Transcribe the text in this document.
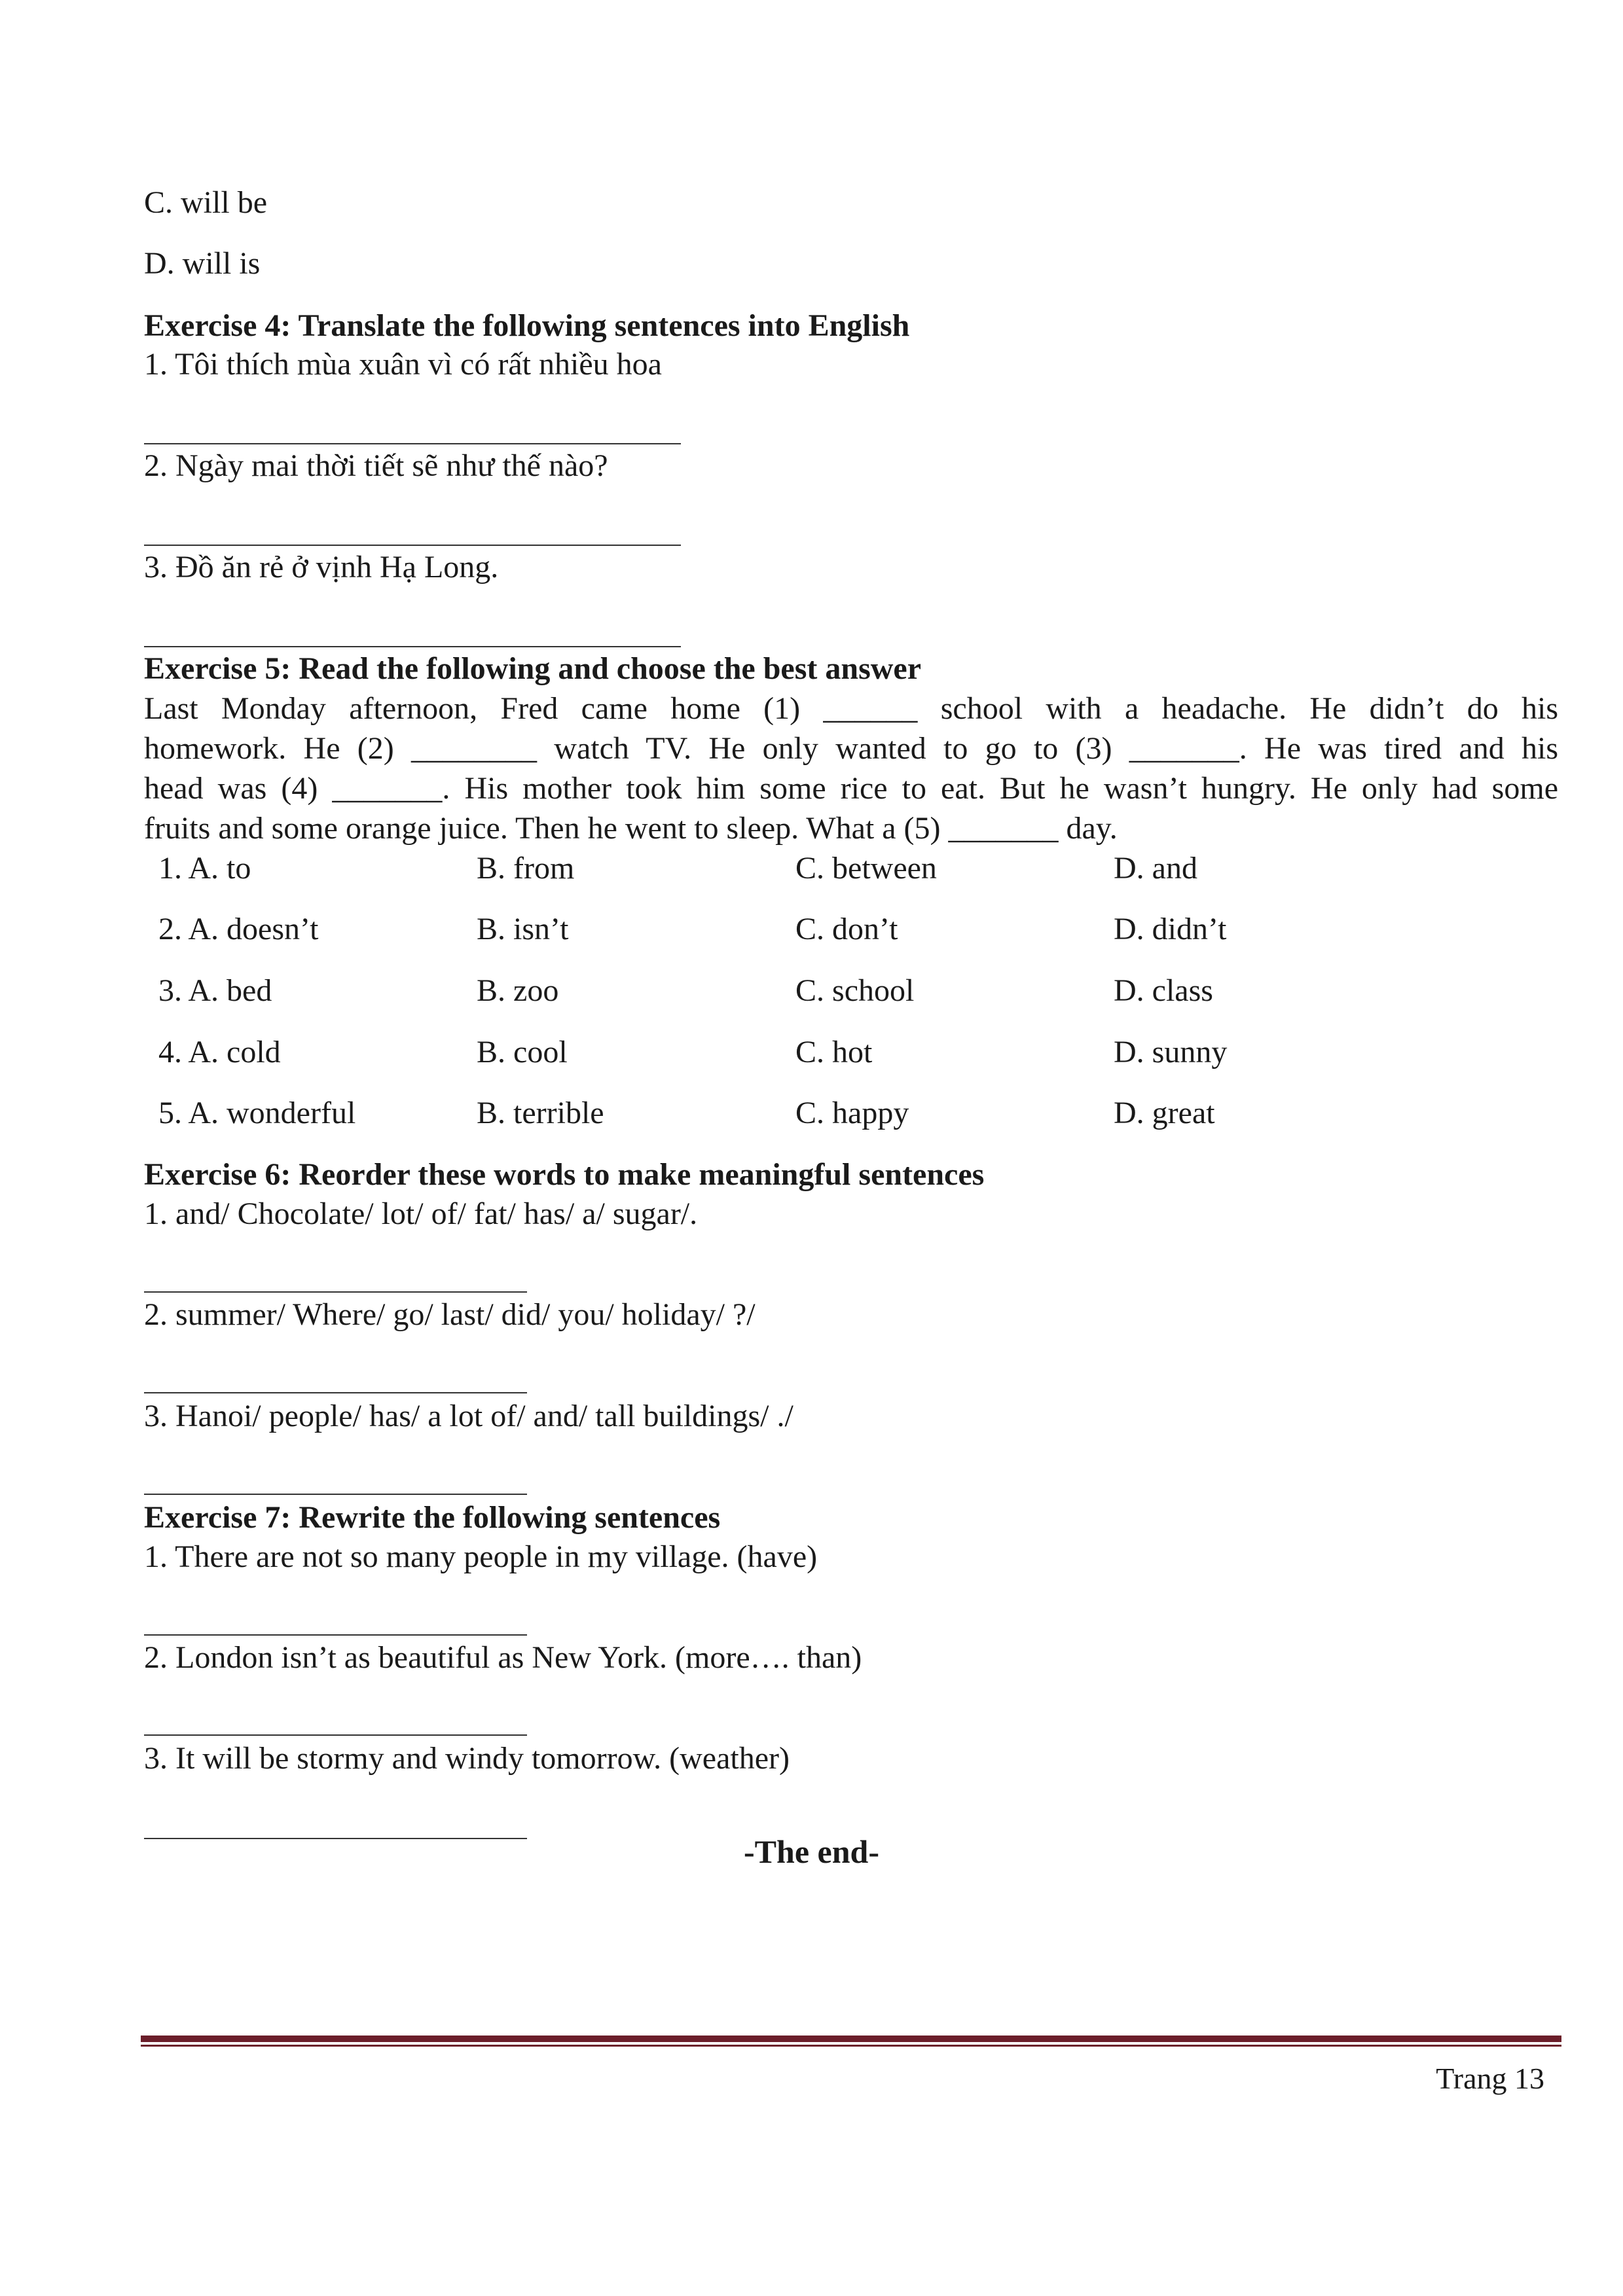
C. will be
D. will is
Exercise 4: Translate the following sentences into English
1. Tôi thích mùa xuân vì có rất nhiều hoa
2. Ngày mai thời tiết sẽ như thế nào?
3. Đồ ăn rẻ ở vịnh Hạ Long.
Exercise 5: Read the following and choose the best answer
Last Monday afternoon, Fred came home (1) ______ school with a headache. He didn’t do his
homework. He (2) ________ watch TV. He only wanted to go to (3) _______. He was tired and his
head was (4) _______. His mother took him some rice to eat. But he wasn’t hungry. He only had some
fruits and some orange juice. Then he went to sleep. What a (5) _______ day.
1. A. to	B. from	C. between	D. and
2. A. doesn’t	B. isn’t	C. don’t	D. didn’t
3. A. bed	B. zoo	C. school	D. class
4. A. cold	B. cool	C. hot	D. sunny
5. A. wonderful	B. terrible	C. happy	D. great
Exercise 6: Reorder these words to make meaningful sentences
1. and/ Chocolate/ lot/ of/ fat/ has/ a/ sugar/.
2. summer/ Where/ go/ last/ did/ you/ holiday/ ?/
3. Hanoi/ people/ has/ a lot of/ and/ tall buildings/ ./
Exercise 7: Rewrite the following sentences
1. There are not so many people in my village. (have)
2. London isn’t as beautiful as New York. (more…. than)
3. It will be stormy and windy tomorrow. (weather)
-The end-
Trang 13
